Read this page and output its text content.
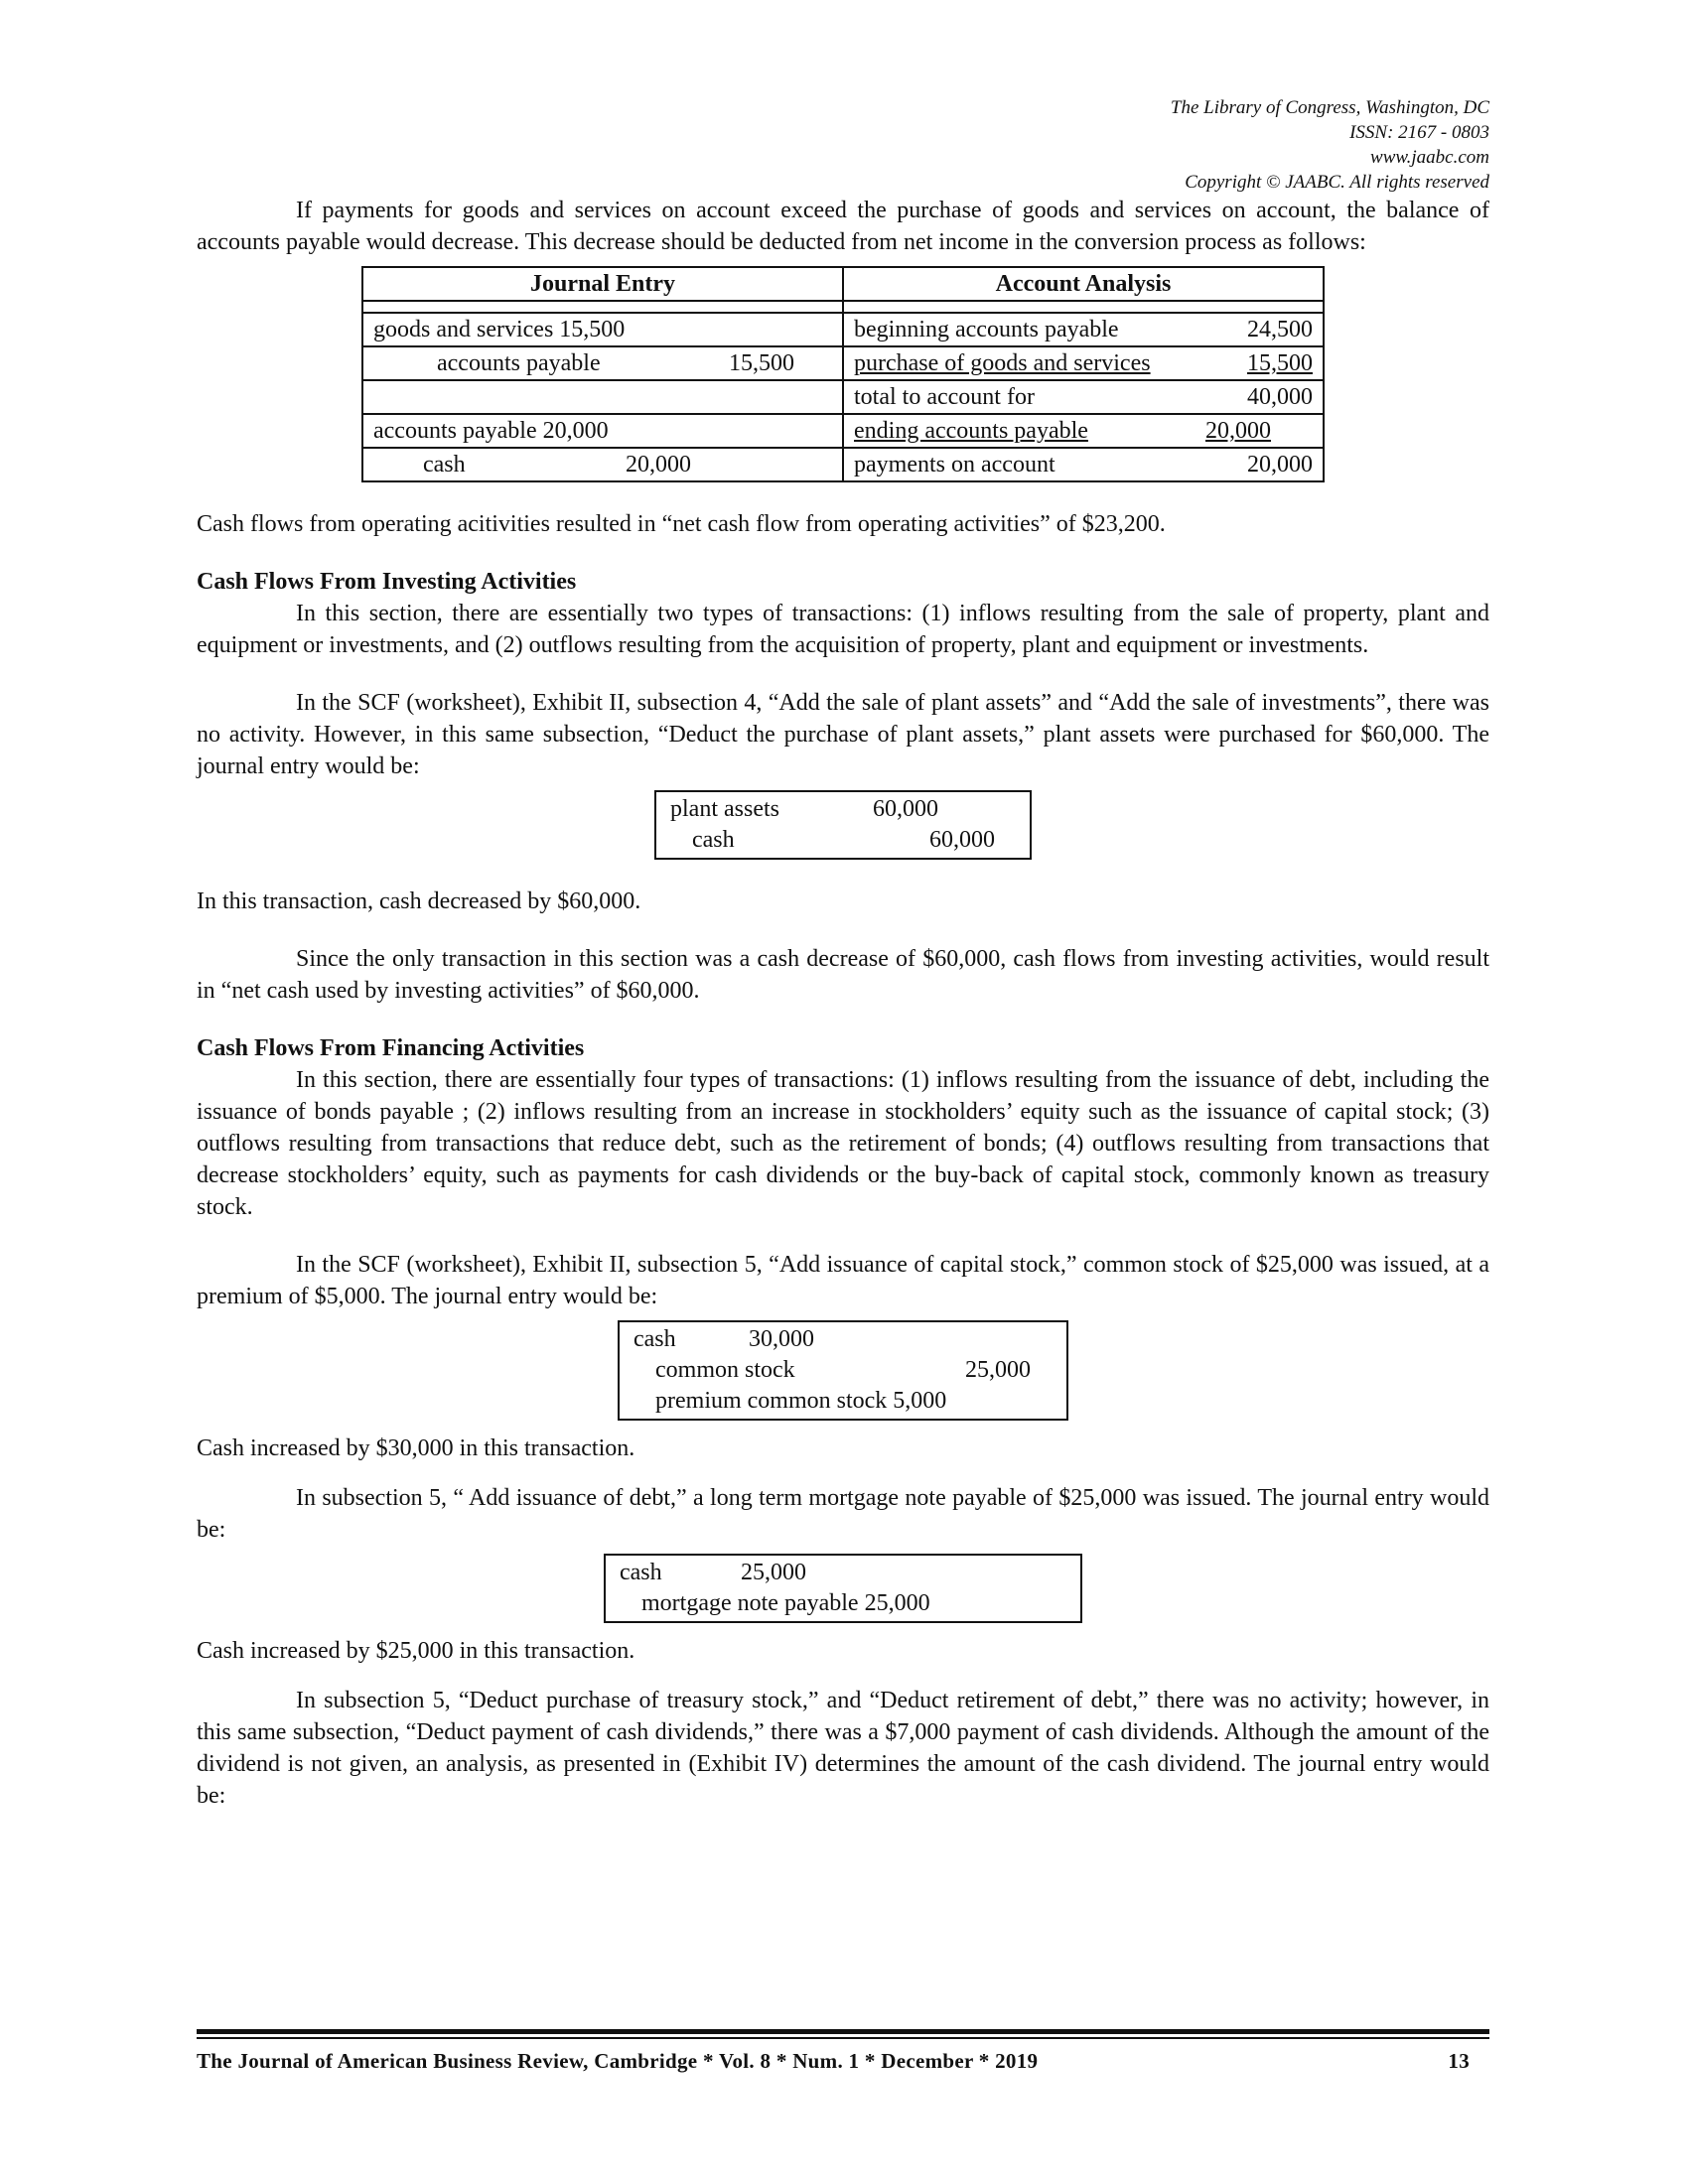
The Library of Congress, Washington, DC
ISSN: 2167 - 0803
www.jaabc.com
Copyright © JAABC. All rights reserved

If payments for goods and services on account exceed the purchase of goods and services on account, the balance of accounts payable would decrease. This decrease should be deducted from net income in the conversion process as follows:

Journal Entry	Account Analysis

goods and services 15,500	beginning accounts payable 24,500

accounts payable 15,500	purchase of goods and services 15,500

	total to account for 40,000

accounts payable 20,000	ending accounts payable 20,000

cash 20,000	payments on account 20,000

Cash flows from operating acitivities resulted in “net cash flow from operating activities” of $23,200.

Cash Flows From Investing Activities

In this section, there are essentially two types of transactions: (1) inflows resulting from the sale of property, plant and equipment or investments, and (2) outflows resulting from the acquisition of property, plant and equipment or investments.

In the SCF (worksheet), Exhibit II, subsection 4, “Add the sale of plant assets” and “Add the sale of investments”, there was no activity. However, in this same subsection, “Deduct the purchase of plant assets,” plant assets were purchased for $60,000. The journal entry would be:

plant assets	60,000
cash	60,000

In this transaction, cash decreased by $60,000.

Since the only transaction in this section was a cash decrease of $60,000, cash flows from investing activities, would result in “net cash used by investing activities” of $60,000.

Cash Flows From Financing Activities

In this section, there are essentially four types of transactions: (1) inflows resulting from the issuance of debt, including the issuance of bonds payable ; (2) inflows resulting from an increase in stockholders’ equity such as the issuance of capital stock; (3) outflows resulting from transactions that reduce debt, such as the retirement of bonds; (4) outflows resulting from transactions that decrease stockholders’ equity, such as payments for cash dividends or the buy-back of capital stock, commonly known as treasury stock.

In the SCF (worksheet), Exhibit II, subsection 5, “Add issuance of capital stock,” common stock of $25,000 was issued, at a premium of $5,000. The journal entry would be:

cash	30,000
common stock	25,000
premium common stock 5,000

Cash increased by $30,000 in this transaction.

In subsection 5, “ Add issuance of debt,” a long term mortgage note payable of $25,000 was issued. The journal entry would be:

cash	25,000
mortgage note payable 25,000

Cash increased by $25,000 in this transaction.

In subsection 5, “Deduct purchase of treasury stock,” and “Deduct retirement of debt,” there was no activity; however, in this same subsection, “Deduct payment of cash dividends,” there was a $7,000 payment of cash dividends. Although the amount of the dividend is not given, an analysis, as presented in (Exhibit IV) determines the amount of the cash dividend. The journal entry would be:

The Journal of American Business Review, Cambridge * Vol. 8 * Num. 1 * December * 2019	13
